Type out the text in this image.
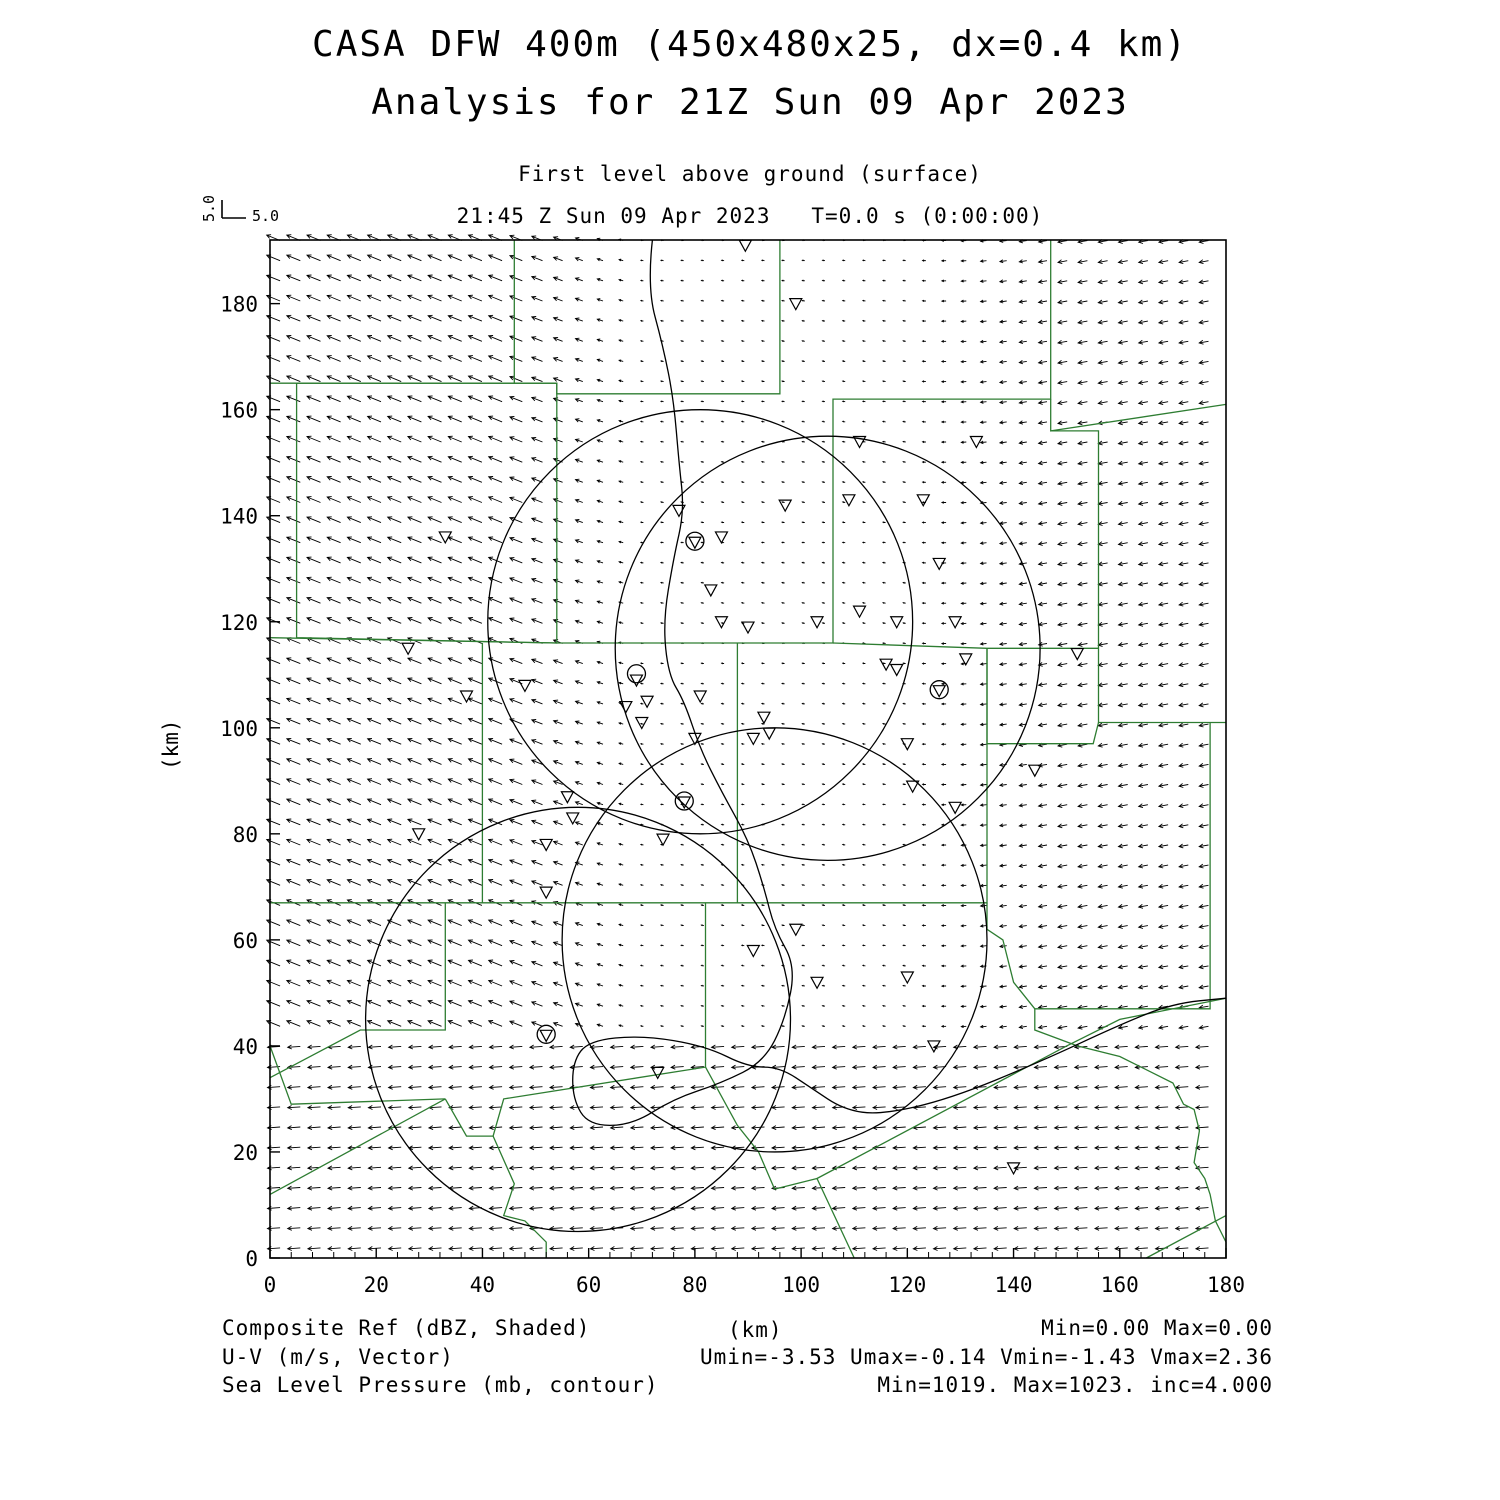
CASA DFW 400m (450x480x25, dx=0.4 km)
Analysis for 21Z Sun 09 Apr 2023
First level above ground (surface)
21:45 Z Sun 09 Apr 2023   T=0.0 s (0:00:00)
5.0 5.0
0	20	40	60	80	100	120	140	160	180
0
20
40
60
80
100
120
140
160
180
(km)
Composite Ref (dBZ, Shaded)	(km)	Min=0.00 Max=0.00
U-V (m/s, Vector)	Umin=-3.53 Umax=-0.14 Vmin=-1.43 Vmax=2.36
Sea Level Pressure (mb, contour)	Min=1019. Max=1023. inc=4.000
